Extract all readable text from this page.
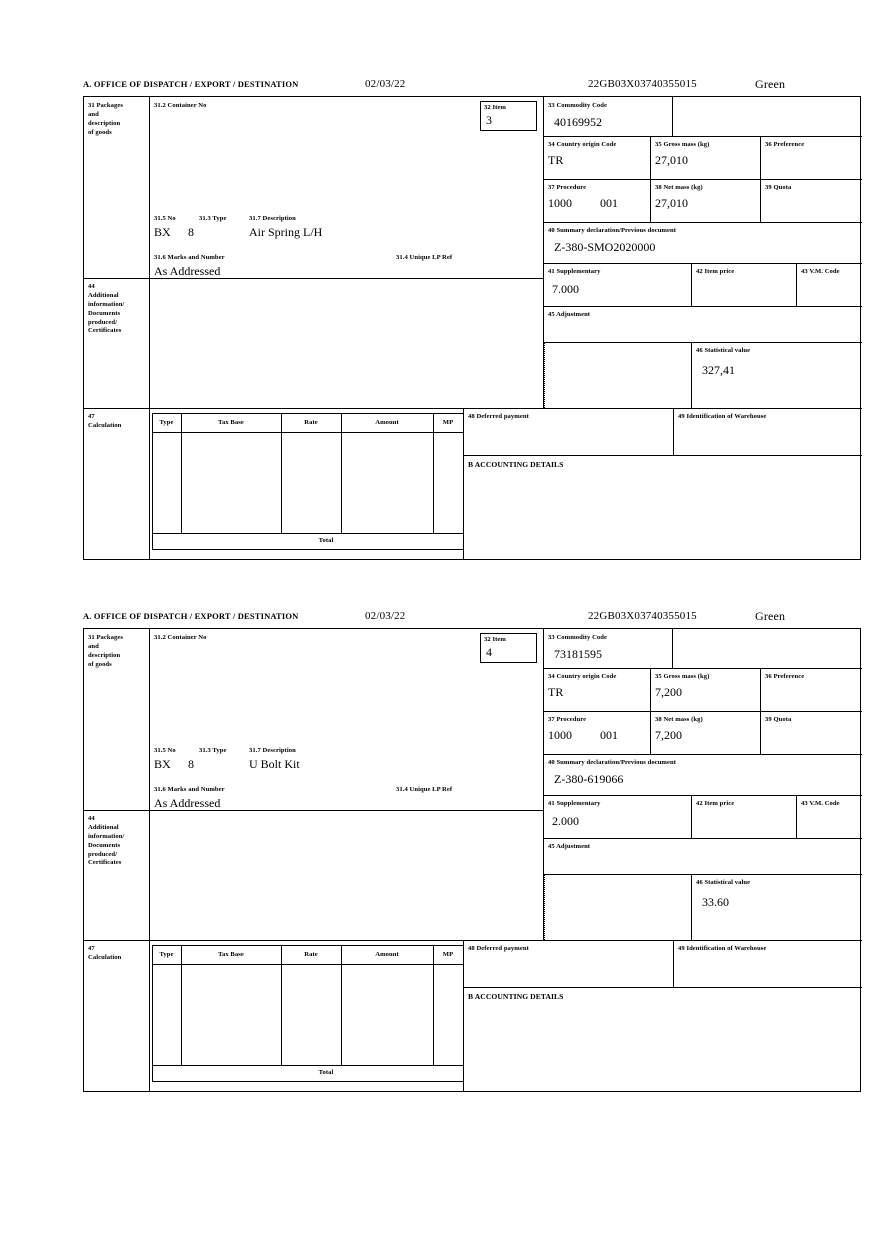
A. OFFICE OF DISPATCH / EXPORT / DESTINATION	02/03/22	22GB03X03740355015	Green
31 Packages
and
description
of goods
31.2 Container No	32 Item
3
31.5 No	31.3 Type	31.7 Description
BX 8	Air Spring L/H
31.6 Marks and Number	31.4 Unique LP Ref
As Addressed
44
Additional
information/
Documents
produced/
Certificates
33 Commodity Code
40169952
34 Country origin Code
TR
35 Gross mass (kg)
27,010
36 Preference
37 Procedure
1000 001
38 Net mass (kg)
27,010
39 Quota
40 Summary declaration/Previous document
Z-380-SMO2020000
41 Supplementary
7.000
42 Item price	43 V.M. Code
45 Adjustment
46 Statistical value
327,41
47
Calculation	Type	Tax Base	Rate	Amount	MP
Total
48 Deferred payment	49 Identification of Warehouse
B ACCOUNTING DETAILS
A. OFFICE OF DISPATCH / EXPORT / DESTINATION	02/03/22	22GB03X03740355015	Green
31 Packages
and
description
of goods
31.2 Container No	32 Item
4
31.5 No	31.3 Type	31.7 Description
BX 8	U Bolt Kit
31.6 Marks and Number	31.4 Unique LP Ref
As Addressed
44
Additional
information/
Documents
produced/
Certificates
33 Commodity Code
73181595
34 Country origin Code
TR
35 Gross mass (kg)
7,200
36 Preference
37 Procedure
1000 001
38 Net mass (kg)
7,200
39 Quota
40 Summary declaration/Previous document
Z-380-619066
41 Supplementary
2.000
42 Item price	43 V.M. Code
45 Adjustment
46 Statistical value
33.60
47
Calculation	Type	Tax Base	Rate	Amount	MP
Total
48 Deferred payment	49 Identification of Warehouse
B ACCOUNTING DETAILS
